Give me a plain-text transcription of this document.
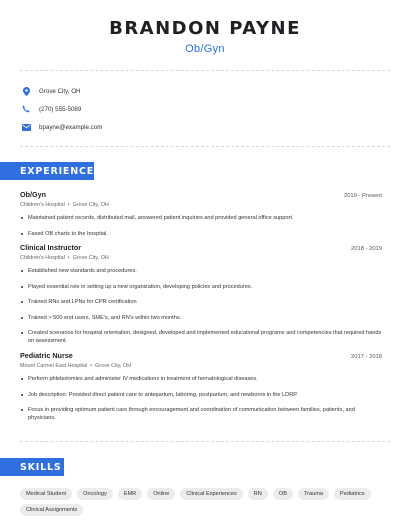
BRANDON PAYNE
Ob/Gyn
Grove City, OH
(270) 555-5089
bpayne@example.com
EXPERIENCE
Ob/Gyn	2019 - Present
Children's Hospital • Grove City, OH
Maintained patient records, distributed mail, answered patient inquiries and provided general office support.
Faxed OB charts to the hospital.
Clinical Instructor	2018 - 2019
Children's Hospital • Grove City, OH
Established new standards and procedures.
Played essential role in setting up a new organization, developing policies and procedures.
Trained RNs and LPNs for CPR certification
Trained > 500 end users, SME's, and RN's within two months.
Created scenarios for hospital orientation, designed, developed and implemented educational programs and competencies that required hands on assessment.
Pediatric Nurse	2017 - 2018
Mount Carmel East Hospital • Grove City, OH
Perform phlebotomies and administer IV medications in treatment of hematological diseases.
Job description: Provided direct patient care to antepartum, laboring, postpartum, and newborns in the LDRP.
Focus in providing optimum patient care through encouragement and coordination of communication between families, patients, and physicians.
SKILLS
Medical Student	Oncology	EMR	Online	Clinical Experiences	RN	OB	Trauma	Pediatrics
Clinical Assignments
